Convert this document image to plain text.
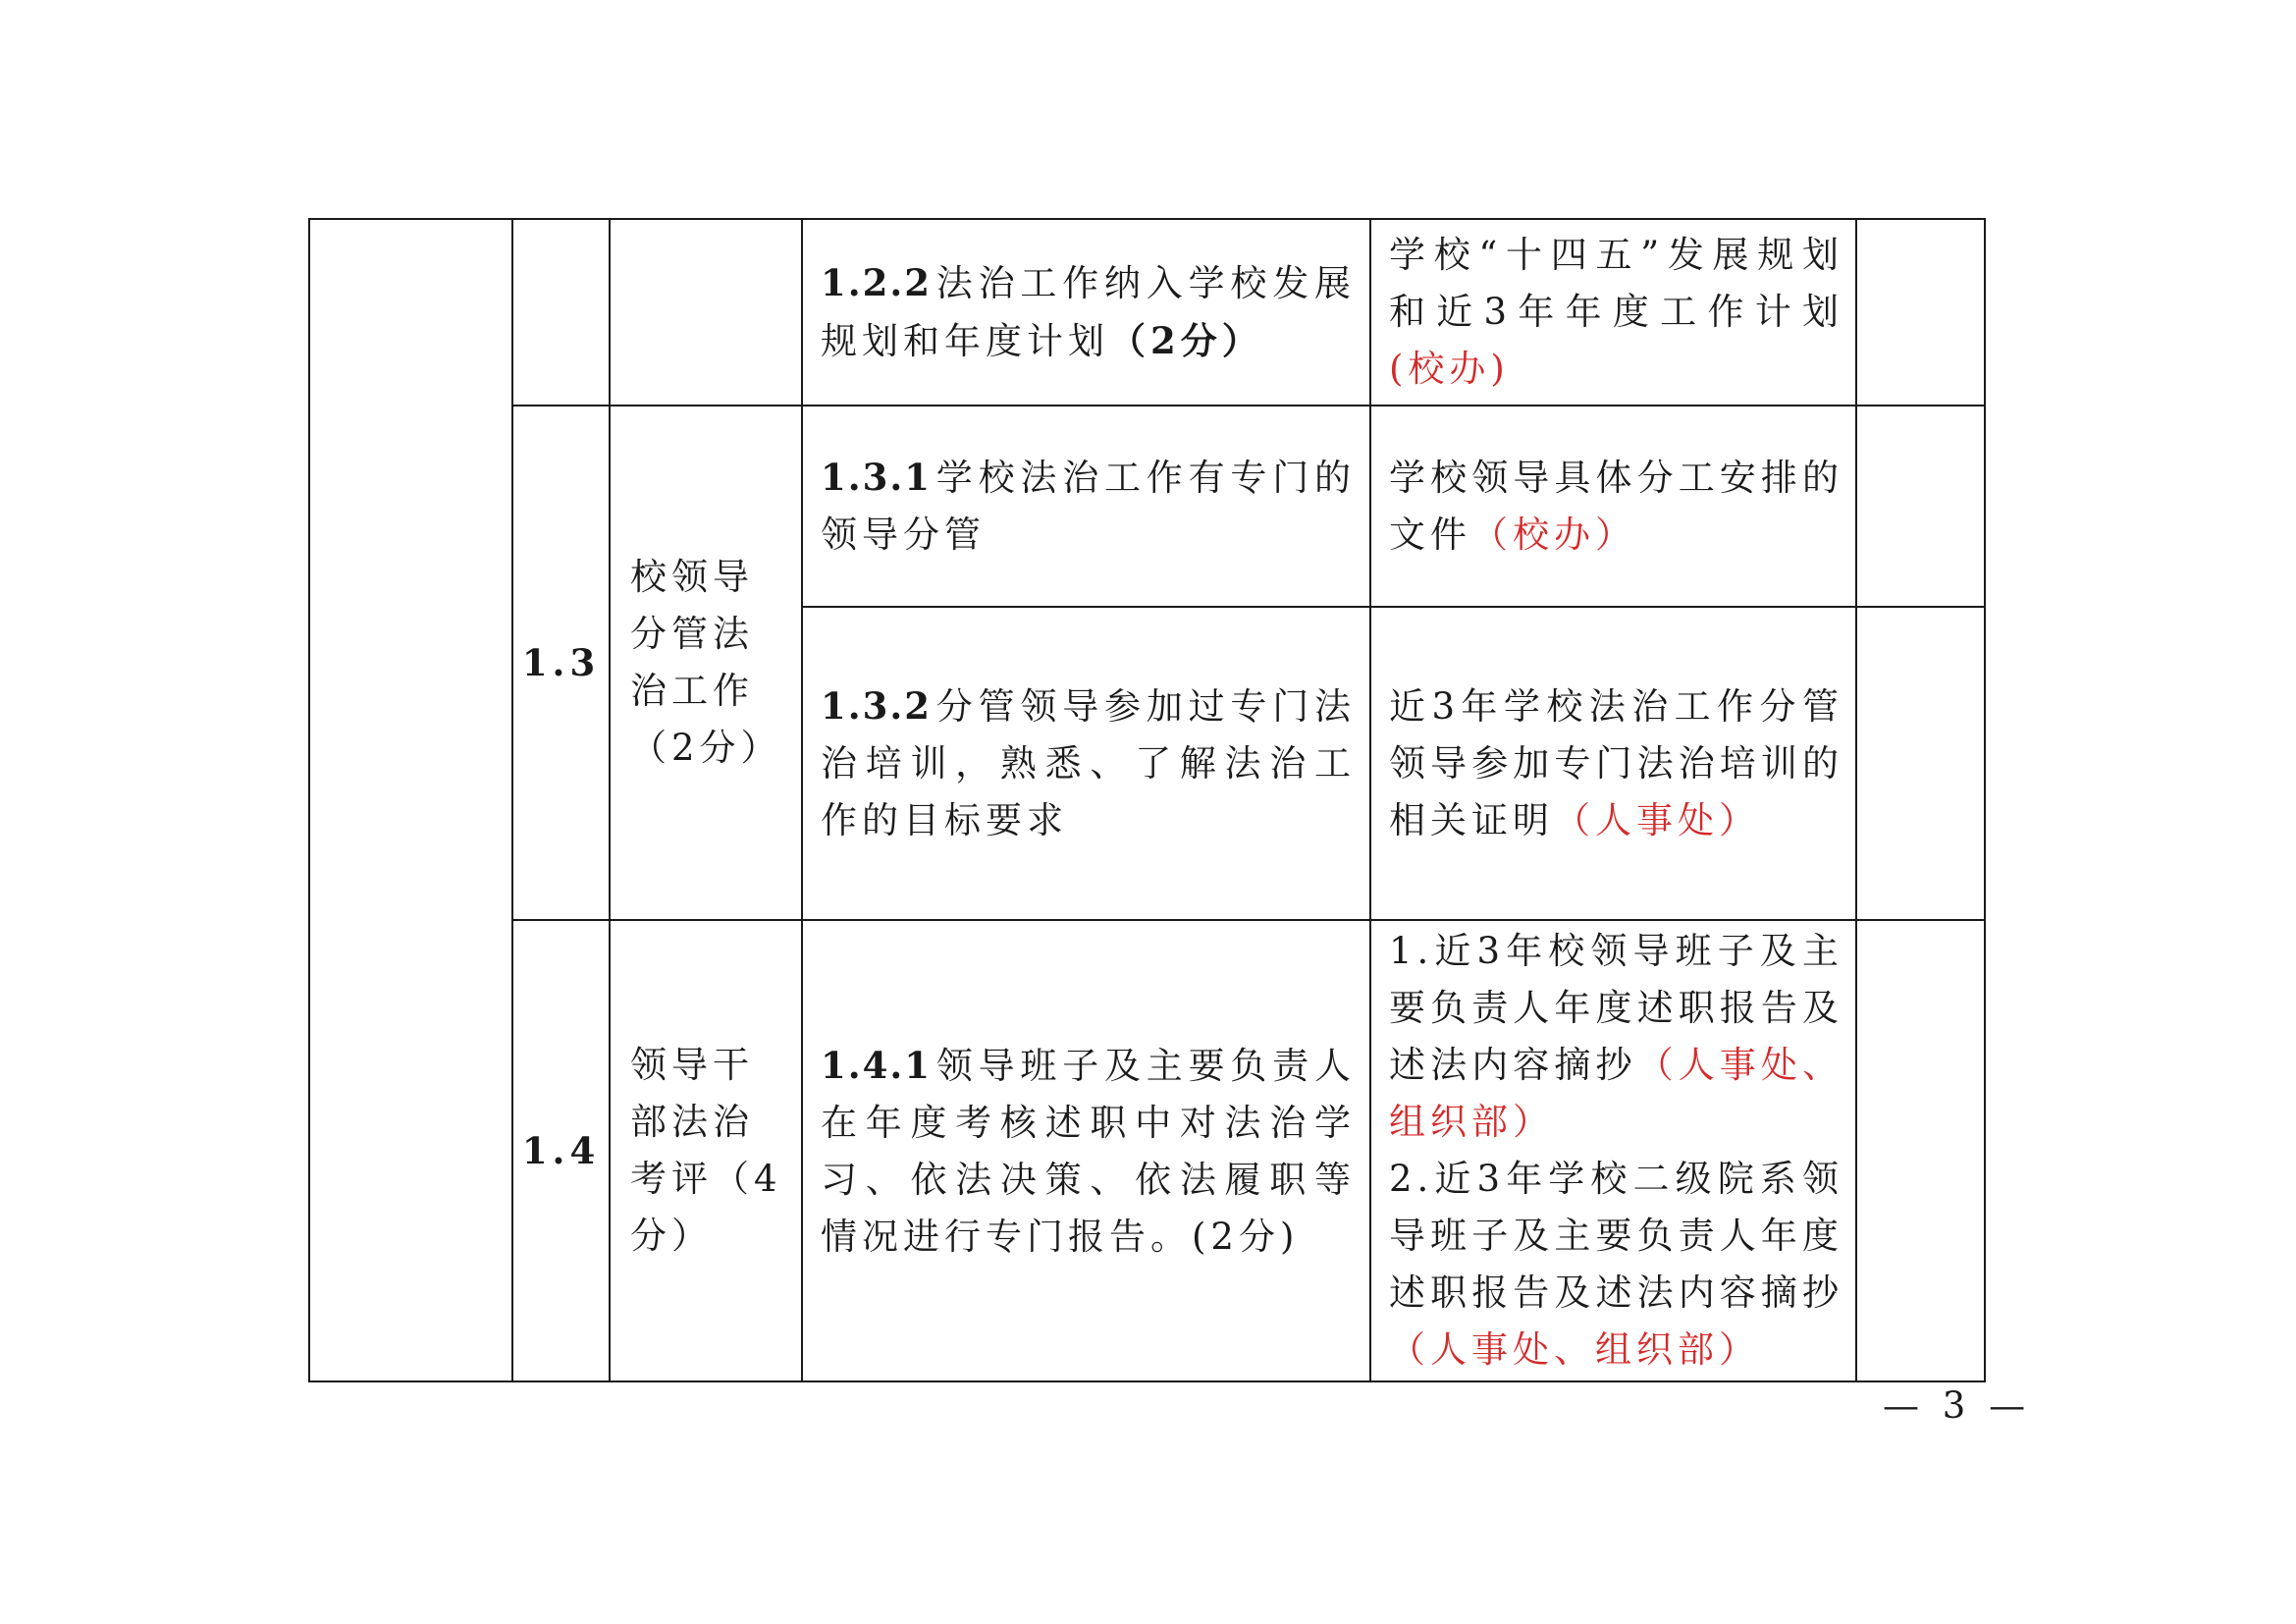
			1.2.2 法治工作纳入学校发展规划和年度计划（2分）	学校“十四五”发展规划和近3年年度工作计划(校办)	
	1.3	校领导分管法治工作（2分）	1.3.1 学校法治工作有专门的领导分管	学校领导具体分工安排的文件（校办）	
			1.3.2 分管领导参加过专门法治培训，熟悉、了解法治工作的目标要求	近3年学校法治工作分管领导参加专门法治培训的相关证明（人事处）	
	1.4	领导干部法治考评（4分）	1.4.1 领导班子及主要负责人在年度考核述职中对法治学习、依法决策、依法履职等情况进行专门报告。(2分)	1.近3年校领导班子及主要负责人年度述职报告及述法内容摘抄（人事处、组织部）
2.近3年学校二级院系领导班子及主要负责人年度述职报告及述法内容摘抄（人事处、组织部）	

— 3 —
